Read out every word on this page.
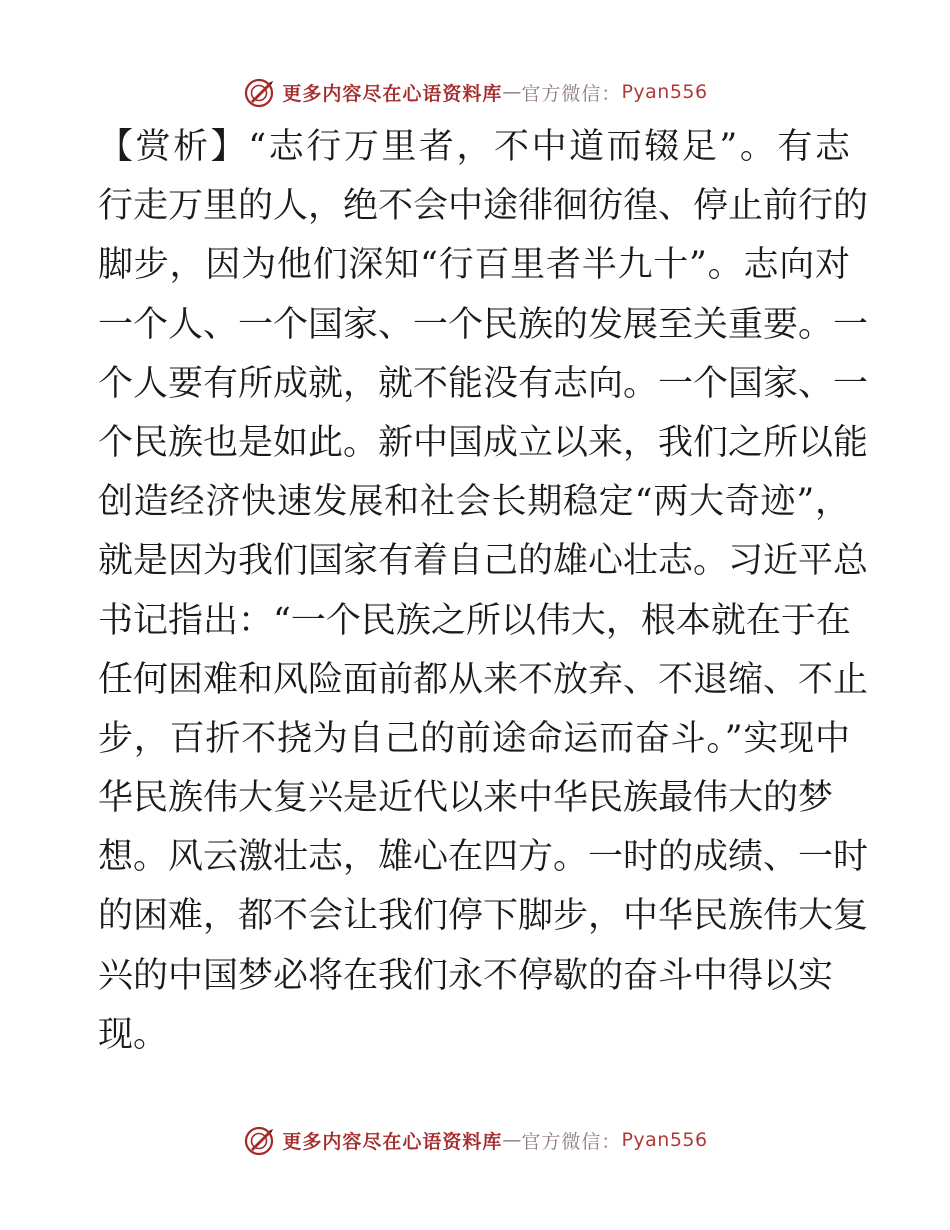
更多内容尽在心语资料库 — 官方微信： Pyan556
【赏析】“志行万里者，不中道而辍足”。有志
行走万里的人，绝不会中途徘徊彷徨、停止前行的
脚步，因为他们深知“行百里者半九十”。志向对
一个人、一个国家、一个民族的发展至关重要。一
个人要有所成就，就不能没有志向。一个国家、一
个民族也是如此。新中国成立以来，我们之所以能
创造经济快速发展和社会长期稳定“两大奇迹”，
就是因为我们国家有着自己的雄心壮志。习近平总
书记指出：“一个民族之所以伟大，根本就在于在
任何困难和风险面前都从来不放弃、不退缩、不止
步，百折不挠为自己的前途命运而奋斗。”实现中
华民族伟大复兴是近代以来中华民族最伟大的梦
想。风云激壮志，雄心在四方。一时的成绩、一时
的困难，都不会让我们停下脚步，中华民族伟大复
兴的中国梦必将在我们永不停歇的奋斗中得以实
现。
更多内容尽在心语资料库 — 官方微信： Pyan556
